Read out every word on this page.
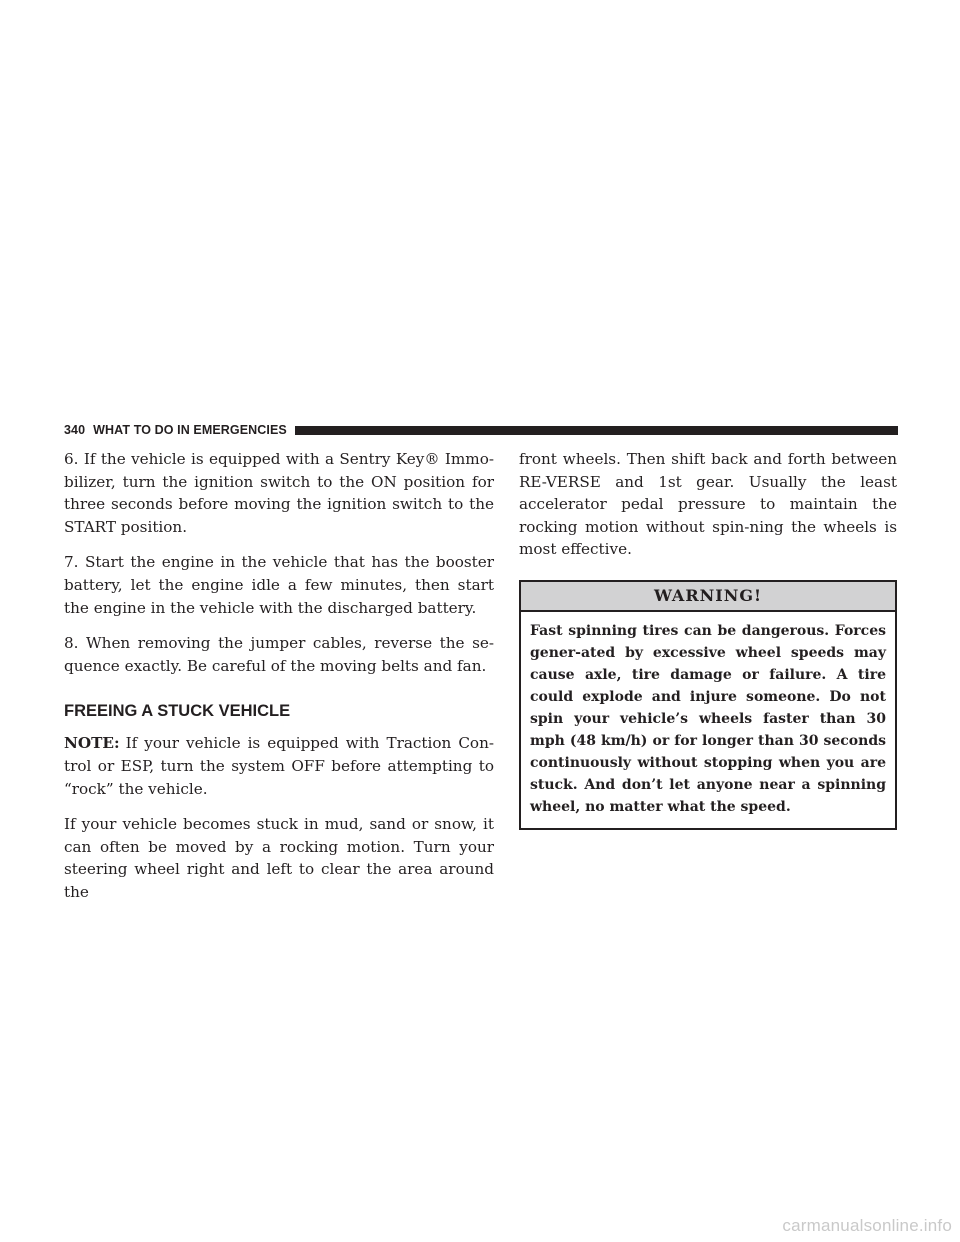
340 WHAT TO DO IN EMERGENCIES

6. If the vehicle is equipped with a Sentry Key® Immo-bilizer, turn the ignition switch to the ON position for three seconds before moving the ignition switch to the START position.

7. Start the engine in the vehicle that has the booster battery, let the engine idle a few minutes, then start the engine in the vehicle with the discharged battery.

8. When removing the jumper cables, reverse the se-quence exactly. Be careful of the moving belts and fan.

FREEING A STUCK VEHICLE

NOTE: If your vehicle is equipped with Traction Con-trol or ESP, turn the system OFF before attempting to “rock” the vehicle.

If your vehicle becomes stuck in mud, sand or snow, it can often be moved by a rocking motion. Turn your steering wheel right and left to clear the area around the

front wheels. Then shift back and forth between RE-VERSE and 1st gear. Usually the least accelerator pedal pressure to maintain the rocking motion without spin-ning the wheels is most effective.

WARNING!
Fast spinning tires can be dangerous. Forces gener-ated by excessive wheel speeds may cause axle, tire damage or failure. A tire could explode and injure someone. Do not spin your vehicle’s wheels faster than 30 mph (48 km/h) or for longer than 30 seconds continuously without stopping when you are stuck. And don’t let anyone near a spinning wheel, no matter what the speed.
carmanualsonline.info
